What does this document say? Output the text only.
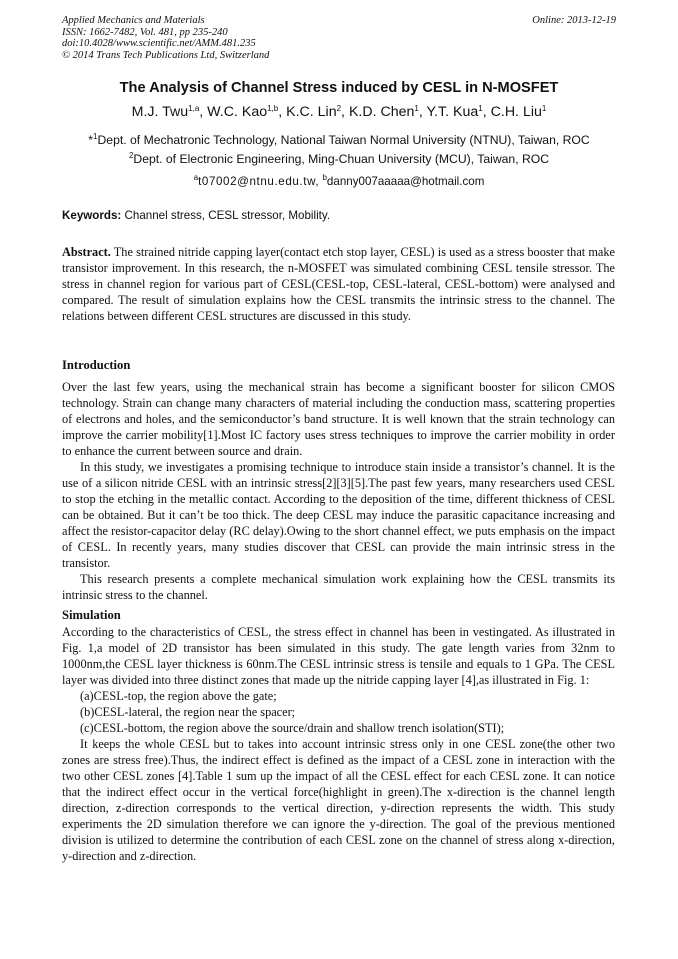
Applied Mechanics and Materials
ISSN: 1662-7482, Vol. 481, pp 235-240
doi:10.4028/www.scientific.net/AMM.481.235
© 2014 Trans Tech Publications Ltd, Switzerland
Online: 2013-12-19
The Analysis of Channel Stress induced by CESL in N-MOSFET
M.J. Twu$^{1,a}$, W.C. Kao$^{1,b}$, K.C. Lin$^2$, K.D. Chen$^1$, Y.T. Kua$^1$, C.H. Liu$^1$
*$^1$Dept. of Mechatronic Technology, National Taiwan Normal University (NTNU), Taiwan, ROC
$^2$Dept. of Electronic Engineering, Ming-Chuan University (MCU), Taiwan, ROC
$^a$t07002@ntnu.edu.tw, $^b$danny007aaaaa@hotmail.com
Keywords: Channel stress, CESL stressor, Mobility.

Abstract. The strained nitride capping layer(contact etch stop layer, CESL) is used as a stress booster that make transistor improvement. In this research, the n-MOSFET was simulated combining CESL tensile stressor. The stress in channel region for various part of CESL(CESL-top, CESL-lateral, CESL-bottom) were analysed and compared. The result of simulation explains how the CESL transmits the intrinsic stress to the channel. The relations between different CESL structures are discussed in this study.

Introduction

Over the last few years, using the mechanical strain has become a significant booster for silicon CMOS technology. Strain can change many characters of material including the conduction mass, scattering properties of electrons and holes, and the semiconductor’s band structure. It is well known that the strain technology can improve the carrier mobility[1].Most IC factory uses stress techniques to improve the carrier mobility in order to enhance the current between source and drain.

In this study, we investigates a promising technique to introduce stain inside a transistor’s channel. It is the use of a silicon nitride CESL with an intrinsic stress[2][3][5].The past few years, many researchers used CESL to stop the etching in the metallic contact. According to the deposition of the time, different thickness of CESL can be obtained. But it can’t be too thick. The deep CESL may induce the parasitic capacitance increasing and affect the resistor-capacitor delay (RC delay).Owing to the short channel effect, we puts emphasis on the impact of CESL. In recently years, many studies discover that CESL can provide the main intrinsic stress in the transistor.

This research presents a complete mechanical simulation work explaining how the CESL transmits its intrinsic stress to the channel.

Simulation

According to the characteristics of CESL, the stress effect in channel has been in vestingated. As illustrated in Fig. 1,a model of 2D transistor has been simulated in this study. The gate length varies from 32nm to 1000nm,the CESL layer thickness is 60nm.The CESL intrinsic stress is tensile and equals to 1 GPa. The CESL layer was divided into three distinct zones that made up the nitride capping layer [4],as illustrated in Fig. 1:

(a)CESL-top, the region above the gate;

(b)CESL-lateral, the region near the spacer;

(c)CESL-bottom, the region above the source/drain and shallow trench isolation(STI);

It keeps the whole CESL but to takes into account intrinsic stress only in one CESL zone(the other two zones are stress free).Thus, the indirect effect is defined as the impact of a CESL zone in interaction with the two other CESL zones [4].Table 1 sum up the impact of all the CESL effect for each CESL zone. It can notice that the indirect effect occur in the vertical force(highlight in green).The x-direction is the channel length direction, z-direction corresponds to the vertical direction, y-direction represents the width. This study experiments the 2D simulation therefore we can ignore the y-direction. The goal of the previous mentioned division is utilized to determine the contribution of each CESL zone on the channel of stress along x-direction, y-direction and z-direction.
